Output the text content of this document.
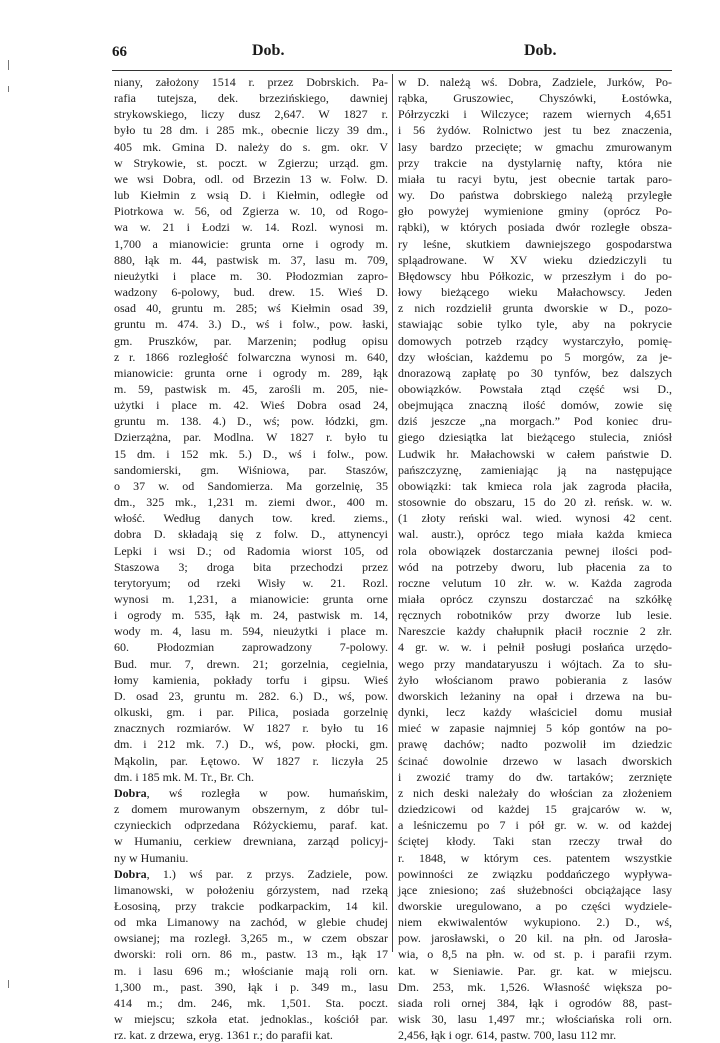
66	Dob.	Dob.
niany, założony 1514 r. przez Dobrskich. Pa-
rafia tutejsza, dek. brzezińskiego, dawniej
strykowskiego, liczy dusz 2,647. W 1827 r.
było tu 28 dm. i 285 mk., obecnie liczy 39 dm.,
405 mk. Gmina D. należy do s. gm. okr. V
w Strykowie, st. poczt. w Zgierzu; urząd. gm.
we wsi Dobra, odl. od Brzezin 13 w. Folw. D.
lub Kiełmin z wsią D. i Kiełmin, odległe od
Piotrkowa w. 56, od Zgierza w. 10, od Rogo-
wa w. 21 i Łodzi w. 14. Rozl. wynosi m.
1,700 a mianowicie: grunta orne i ogrody m.
880, łąk m. 44, pastwisk m. 37, lasu m. 709,
nieużytki i place m. 30. Płodozmian zapro-
wadzony 6-polowy, bud. drew. 15. Wieś D.
osad 40, gruntu m. 285; wś Kiełmin osad 39,
gruntu m. 474. 3.) D., wś i folw., pow. łaski,
gm. Pruszków, par. Marzenin; podług opisu
z r. 1866 rozległość folwarczna wynosi m. 640,
mianowicie: grunta orne i ogrody m. 289, łąk
m. 59, pastwisk m. 45, zarośli m. 205, nie-
użytki i place m. 42. Wieś Dobra osad 24,
gruntu m. 138. 4.) D., wś; pow. łódzki, gm.
Dzierzążna, par. Modlna. W 1827 r. było tu
15 dm. i 152 mk. 5.) D., wś i folw., pow.
sandomierski, gm. Wiśniowa, par. Staszów,
o 37 w. od Sandomierza. Ma gorzelnię, 35
dm., 325 mk., 1,231 m. ziemi dwor., 400 m.
włość. Według danych tow. kred. ziems.,
dobra D. składają się z folw. D., attynencyi
Lepki i wsi D.; od Radomia wiorst 105, od
Staszowa 3; droga bita przechodzi przez
terytoryum; od rzeki Wisły w. 21. Rozl.
wynosi m. 1,231, a mianowicie: grunta orne
i ogrody m. 535, łąk m. 24, pastwisk m. 14,
wody m. 4, lasu m. 594, nieużytki i place m.
60. Płodozmian zaprowadzony 7-polowy.
Bud. mur. 7, drewn. 21; gorzelnia, cegielnia,
łomy kamienia, pokłady torfu i gipsu. Wieś
D. osad 23, gruntu m. 282. 6.) D., wś, pow.
olkuski, gm. i par. Pilica, posiada gorzelnię
znacznych rozmiarów. W 1827 r. było tu 16
dm. i 212 mk. 7.) D., wś, pow. płocki, gm.
Mąkolin, par. Łętowo. W 1827 r. liczyła 25
dm. i 185 mk. M. Tr., Br. Ch.
Dobra, wś rozległa w pow. humańskim,
z domem murowanym obszernym, z dóbr tul-
czynieckich odprzedana Różyckiemu, paraf. kat.
w Humaniu, cerkiew drewniana, zarząd policyj-
ny w Humaniu.
Dobra, 1.) wś par. z przys. Zadziele, pow.
limanowski, w położeniu górzystem, nad rzeką
Łososiną, przy trakcie podkarpackim, 14 kil.
od mka Limanowy na zachód, w glebie chudej
owsianej; ma rozległ. 3,265 m., w czem obszar
dworski: roli orn. 86 m., pastw. 13 m., łąk 17
m. i lasu 696 m.; włościanie mają roli orn.
1,300 m., past. 390, łąk i p. 349 m., lasu
414 m.; dm. 246, mk. 1,501. Sta. poczt.
w miejscu; szkoła etat. jednoklas., kościół par.
rz. kat. z drzewa, eryg. 1361 r.; do parafii kat.
w D. należą wś. Dobra, Zadziele, Jurków, Po-
rąbka, Gruszowiec, Chyszówki, Łostówka,
Półrzyczki i Wilczyce; razem wiernych 4,651
i 56 żydów. Rolnictwo jest tu bez znaczenia,
lasy bardzo przecięte; w gmachu zmurowanym
przy trakcie na dystylarnię nafty, która nie
miała tu racyi bytu, jest obecnie tartak paro-
wy. Do państwa dobrskiego należą przyległe
gło powyżej wymienione gminy (oprócz Po-
rąbki), w których posiada dwór rozległe obsza-
ry leśne, skutkiem dawniejszego gospodarstwa
spląadrowane. W XV wieku dziedziczyli tu
Błędowscy hbu Półkozic, w przeszłym i do po-
łowy bieżącego wieku Małachowscy. Jeden
z nich rozdzielił grunta dworskie w D., pozo-
stawiając sobie tylko tyle, aby na pokrycie
domowych potrzeb rządcy wystarczyło, pomię-
dzy włościan, każdemu po 5 morgów, za je-
dnorazową zapłatę po 30 tynfów, bez dalszych
obowiązków. Powstała ztąd część wsi D.,
obejmująca znaczną ilość domów, zowie się
dziś jeszcze „na morgach.” Pod koniec dru-
giego dziesiątka lat bieżącego stulecia, zniósł
Ludwik hr. Małachowski w całem państwie D.
pańszczyznę, zamieniając ją na następujące
obowiązki: tak kmieca rola jak zagroda płaciła,
stosownie do obszaru, 15 do 20 zł. reńsk. w. w.
(1 złoty reński wal. wied. wynosi 42 cent.
wal. austr.), oprócz tego miała każda kmieca
rola obowiązek dostarczania pewnej ilości pod-
wód na potrzeby dworu, lub płacenia za to
roczne velutum 10 złr. w. w. Każda zagroda
miała oprócz czynszu dostarczać na szkółkę
ręcznych robotników przy dworze lub lesie.
Nareszcie każdy chałupnik płacił rocznie 2 złr.
4 gr. w. w. i pełnił posługi posłańca urzędo-
wego przy mandataryuszu i wójtach. Za to słu-
żyło włościanom prawo pobierania z lasów
dworskich leżaniny na opał i drzewa na bu-
dynki, lecz każdy właściciel domu musiał
mieć w zapasie najmniej 5 kóp gontów na po-
prawę dachów; nadto pozwolił im dziedzic
ścinać dowolnie drzewo w lasach dworskich
i zwozić tramy do dw. tartaków; zerznięte
z nich deski należały do włościan za złożeniem
dziedzicowi od każdej 15 grajcarów w. w,
a leśniczemu po 7 i pół gr. w. w. od każdej
ściętej kłody. Taki stan rzeczy trwał do
r. 1848, w którym ces. patentem wszystkie
powinności ze związku poddańczego wypływa-
jące zniesiono; zaś służebności obciążające lasy
dworskie uregulowano, a po części wydziele-
niem ekwiwalentów wykupiono. 2.) D., wś,
pow. jarosławski, o 20 kil. na płn. od Jarosła-
wia, o 8,5 na płn. w. od st. p. i parafii rzym.
kat. w Sieniawie. Par. gr. kat. w miejscu.
Dm. 253, mk. 1,526. Własność większa po-
siada roli ornej 384, łąk i ogrodów 88, past-
wisk 30, lasu 1,497 mr.; włościańska roli orn.
2,456, łąk i ogr. 614, pastw. 700, lasu 112 mr.
